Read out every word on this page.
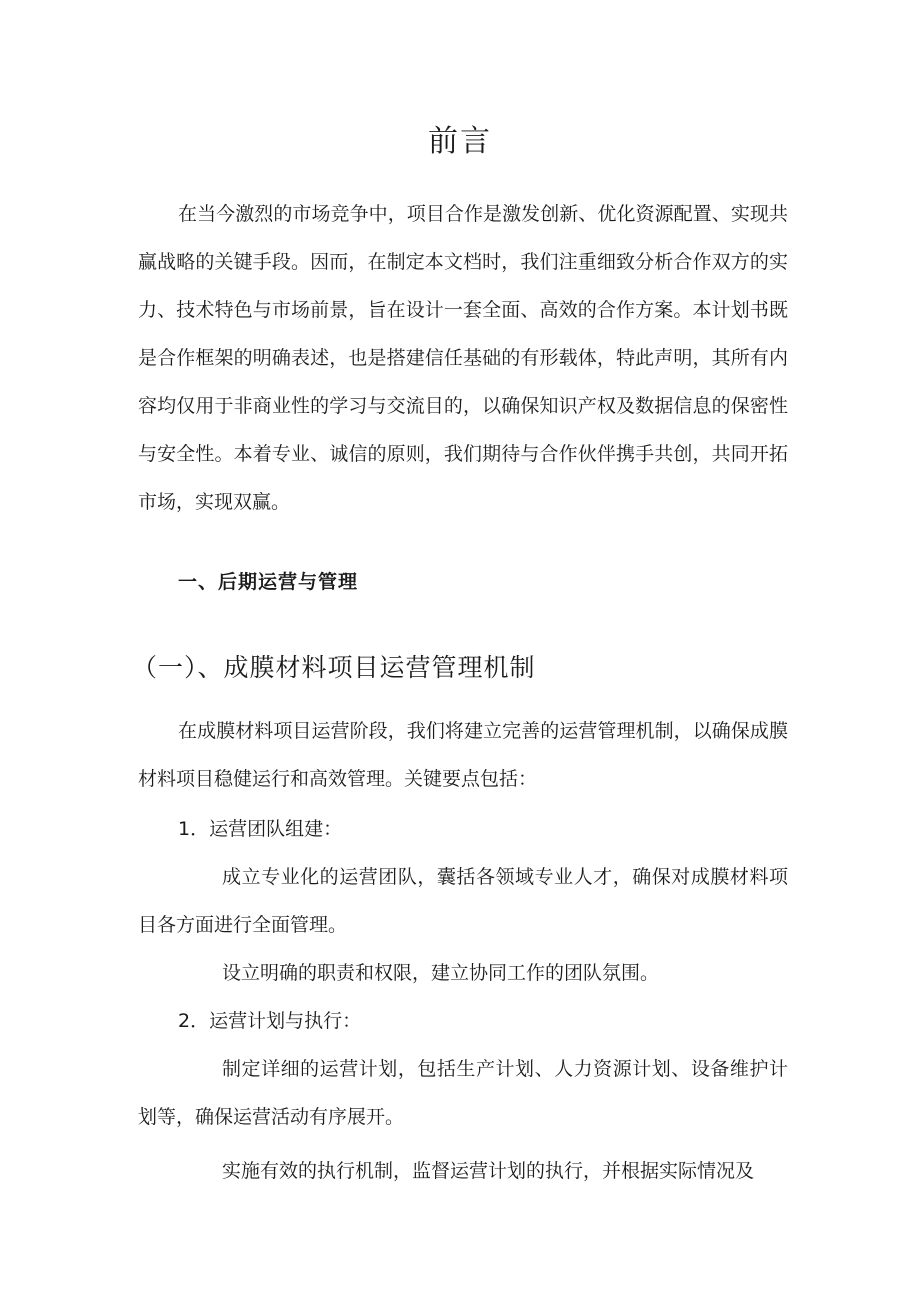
前言

在当今激烈的市场竞争中，项目合作是激发创新、优化资源配置、实现共赢战略的关键手段。因而，在制定本文档时，我们注重细致分析合作双方的实力、技术特色与市场前景，旨在设计一套全面、高效的合作方案。本计划书既是合作框架的明确表述，也是搭建信任基础的有形载体，特此声明，其所有内容均仅用于非商业性的学习与交流目的，以确保知识产权及数据信息的保密性与安全性。本着专业、诚信的原则，我们期待与合作伙伴携手共创，共同开拓市场，实现双赢。

一、后期运营与管理
（一）、成膜材料项目运营管理机制

在成膜材料项目运营阶段，我们将建立完善的运营管理机制，以确保成膜材料项目稳健运行和高效管理。关键要点包括：

1．运营团队组建：

成立专业化的运营团队，囊括各领域专业人才，确保对成膜材料项目各方面进行全面管理。

设立明确的职责和权限，建立协同工作的团队氛围。

2．运营计划与执行：

制定详细的运营计划，包括生产计划、人力资源计划、设备维护计划等，确保运营活动有序展开。

实施有效的执行机制，监督运营计划的执行，并根据实际情况及
